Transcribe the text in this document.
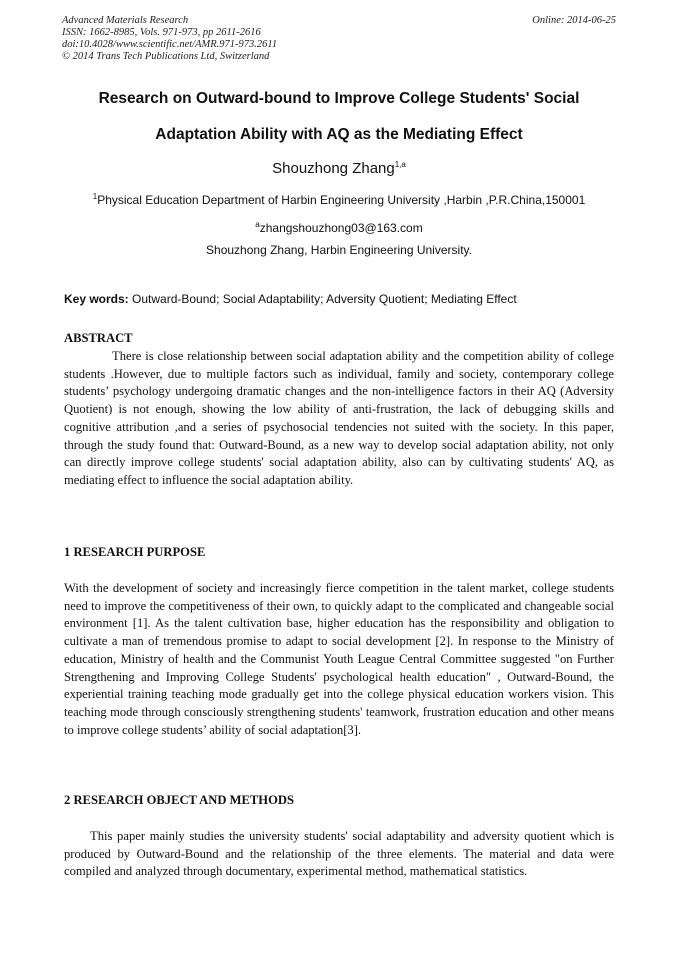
Advanced Materials Research
ISSN: 1662-8985, Vols. 971-973, pp 2611-2616
doi:10.4028/www.scientific.net/AMR.971-973.2611
© 2014 Trans Tech Publications Ltd, Switzerland
Online: 2014-06-25
Research on Outward-bound to Improve College Students' Social
Adaptation Ability with AQ as the Mediating Effect
Shouzhong Zhang$^{1,a}$
$^1$Physical Education Department of Harbin Engineering University ,Harbin ,P.R.China,150001
$^a$zhangshouzhong03@163.com
Shouzhong Zhang, Harbin Engineering University.
Key words: Outward-Bound; Social Adaptability; Adversity Quotient; Mediating Effect
ABSTRACT

There is close relationship between social adaptation ability and the competition ability of college students .However, due to multiple factors such as individual, family and society, contemporary college students’ psychology undergoing dramatic changes and the non-intelligence factors in their AQ (Adversity Quotient) is not enough, showing the low ability of anti-frustration, the lack of debugging skills and cognitive attribution ,and a series of psychosocial tendencies not suited with the society. In this paper, through the study found that: Outward-Bound, as a new way to develop social adaptation ability, not only can directly improve college students' social adaptation ability, also can by cultivating students' AQ, as mediating effect to influence the social adaptation ability.

1 RESEARCH PURPOSE

With the development of society and increasingly fierce competition in the talent market, college students need to improve the competitiveness of their own, to quickly adapt to the complicated and changeable social environment [1]. As the talent cultivation base, higher education has the responsibility and obligation to cultivate a man of tremendous promise to adapt to social development [2]. In response to the Ministry of education, Ministry of health and the Communist Youth League Central Committee suggested "on Further Strengthening and Improving College Students' psychological health education" , Outward-Bound, the experiential training teaching mode gradually get into the college physical education workers vision. This teaching mode through consciously strengthening students' teamwork, frustration education and other means to improve college students’ ability of social adaptation[3].

2 RESEARCH OBJECT AND METHODS

This paper mainly studies the university students' social adaptability and adversity quotient which is produced by Outward-Bound and the relationship of the three elements. The material and data were compiled and analyzed through documentary, experimental method, mathematical statistics.
